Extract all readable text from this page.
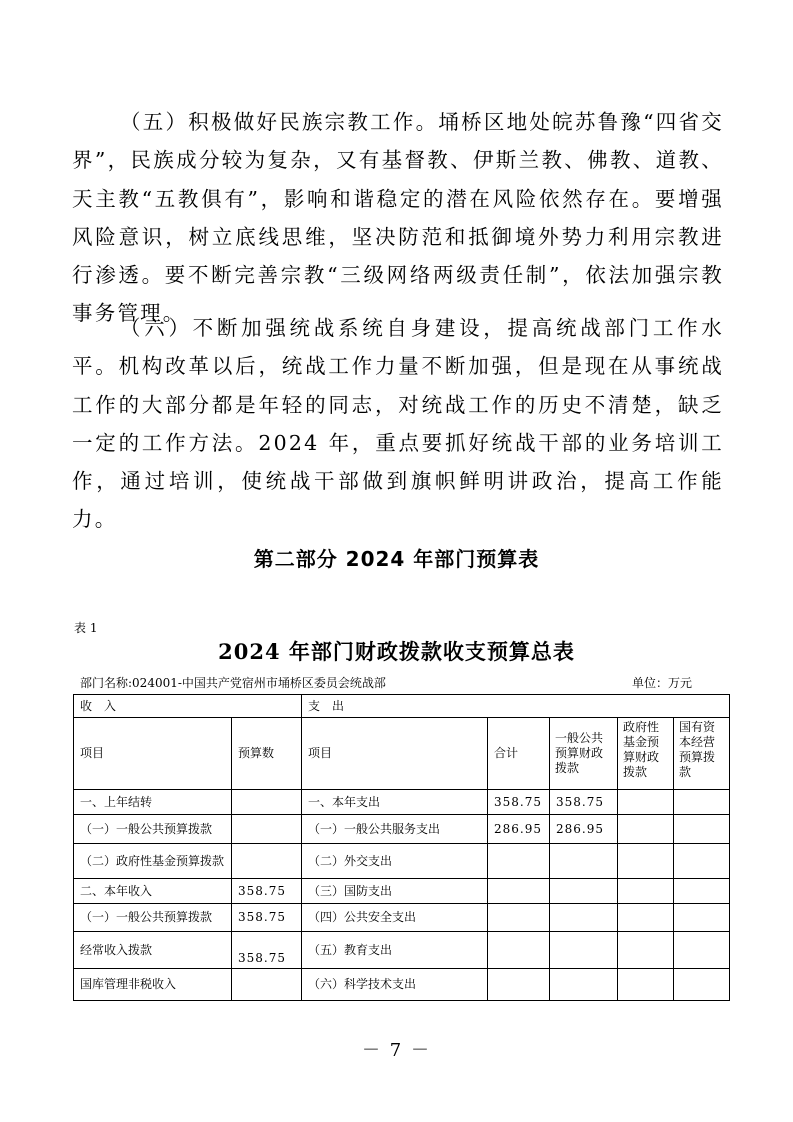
（五）积极做好民族宗教工作。埇桥区地处皖苏鲁豫“四省交界”，民族成分较为复杂，又有基督教、伊斯兰教、佛教、道教、天主教“五教俱有”，影响和谐稳定的潜在风险依然存在。要增强风险意识，树立底线思维，坚决防范和抵御境外势力利用宗教进行渗透。要不断完善宗教“三级网络两级责任制”，依法加强宗教事务管理。

（六）不断加强统战系统自身建设，提高统战部门工作水平。机构改革以后，统战工作力量不断加强，但是现在从事统战工作的大部分都是年轻的同志，对统战工作的历史不清楚，缺乏一定的工作方法。2024 年，重点要抓好统战干部的业务培训工作，通过培训，使统战干部做到旗帜鲜明讲政治，提高工作能力。

第二部分 2024 年部门预算表
表 1
2024 年部门财政拨款收支预算总表
部门名称:024001-中国共产党宿州市埇桥区委员会统战部	单位：万元
收　入		支　出				
项目	预算数	项目	合计	一般公共预算财政拨款	政府性基金预算财政拨款	国有资本经营预算拨款
一、上年结转		一、本年支出	358.75	358.75		
（一）一般公共预算拨款		（一）一般公共服务支出	286.95	286.95		
（二）政府性基金预算拨款		（二）外交支出				
二、本年收入	358.75	（三）国防支出				
（一）一般公共预算拨款	358.75	（四）公共安全支出				
经常收入拨款	358.75	（五）教育支出				
国库管理非税收入		（六）科学技术支出				
－ 7 －
